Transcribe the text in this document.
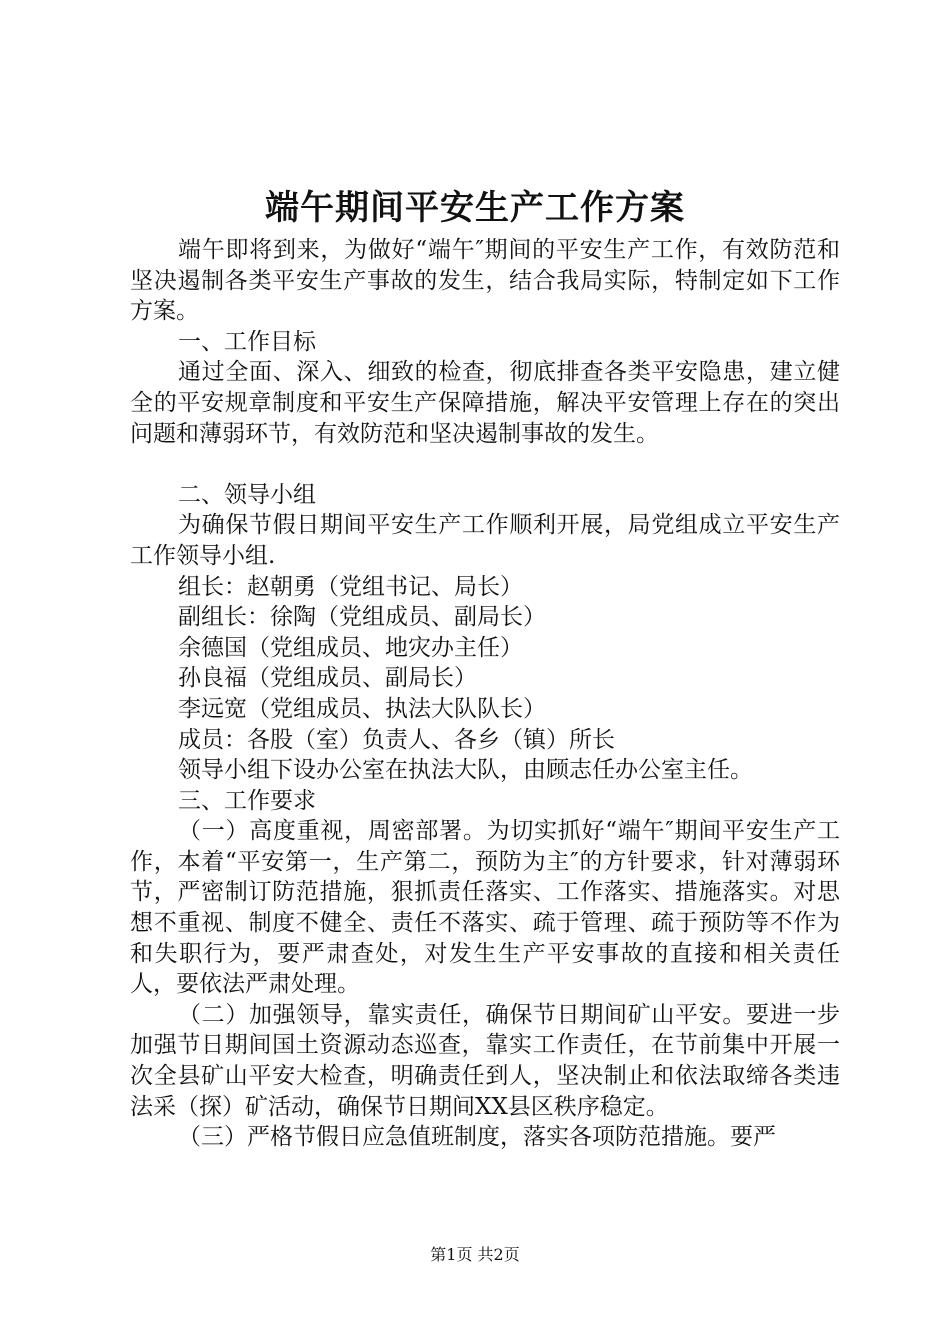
端午期间平安生产工作方案

端午即将到来，为做好“端午″期间的平安生产工作，有效防范和坚决遏制各类平安生产事故的发生，结合我局实际，特制定如下工作方案。

一、工作目标

通过全面、深入、细致的检查，彻底排查各类平安隐患，建立健全的平安规章制度和平安生产保障措施，解决平安管理上存在的突出问题和薄弱环节，有效防范和坚决遏制事故的发生。

二、领导小组

为确保节假日期间平安生产工作顺利开展，局党组成立平安生产工作领导小组.

组长：赵朝勇（党组书记、局长）

副组长：徐陶（党组成员、副局长）

余德国（党组成员、地灾办主任）

孙良福（党组成员、副局长）

李远宽（党组成员、执法大队队长）

成员：各股（室）负责人、各乡（镇）所长

领导小组下设办公室在执法大队，由顾志任办公室主任。

三、工作要求

（一）高度重视，周密部署。为切实抓好“端午″期间平安生产工作，本着“平安第一，生产第二，预防为主″的方针要求，针对薄弱环节，严密制订防范措施，狠抓责任落实、工作落实、措施落实。对思想不重视、制度不健全、责任不落实、疏于管理、疏于预防等不作为和失职行为，要严肃查处，对发生生产平安事故的直接和相关责任人，要依法严肃处理。

（二）加强领导，靠实责任，确保节日期间矿山平安。要进一步加强节日期间国土资源动态巡查，靠实工作责任，在节前集中开展一次全县矿山平安大检查，明确责任到人，坚决制止和依法取缔各类违法采（探）矿活动，确保节日期间XX县区秩序稳定。

（三）严格节假日应急值班制度，落实各项防范措施。要严

第1页 共2页
